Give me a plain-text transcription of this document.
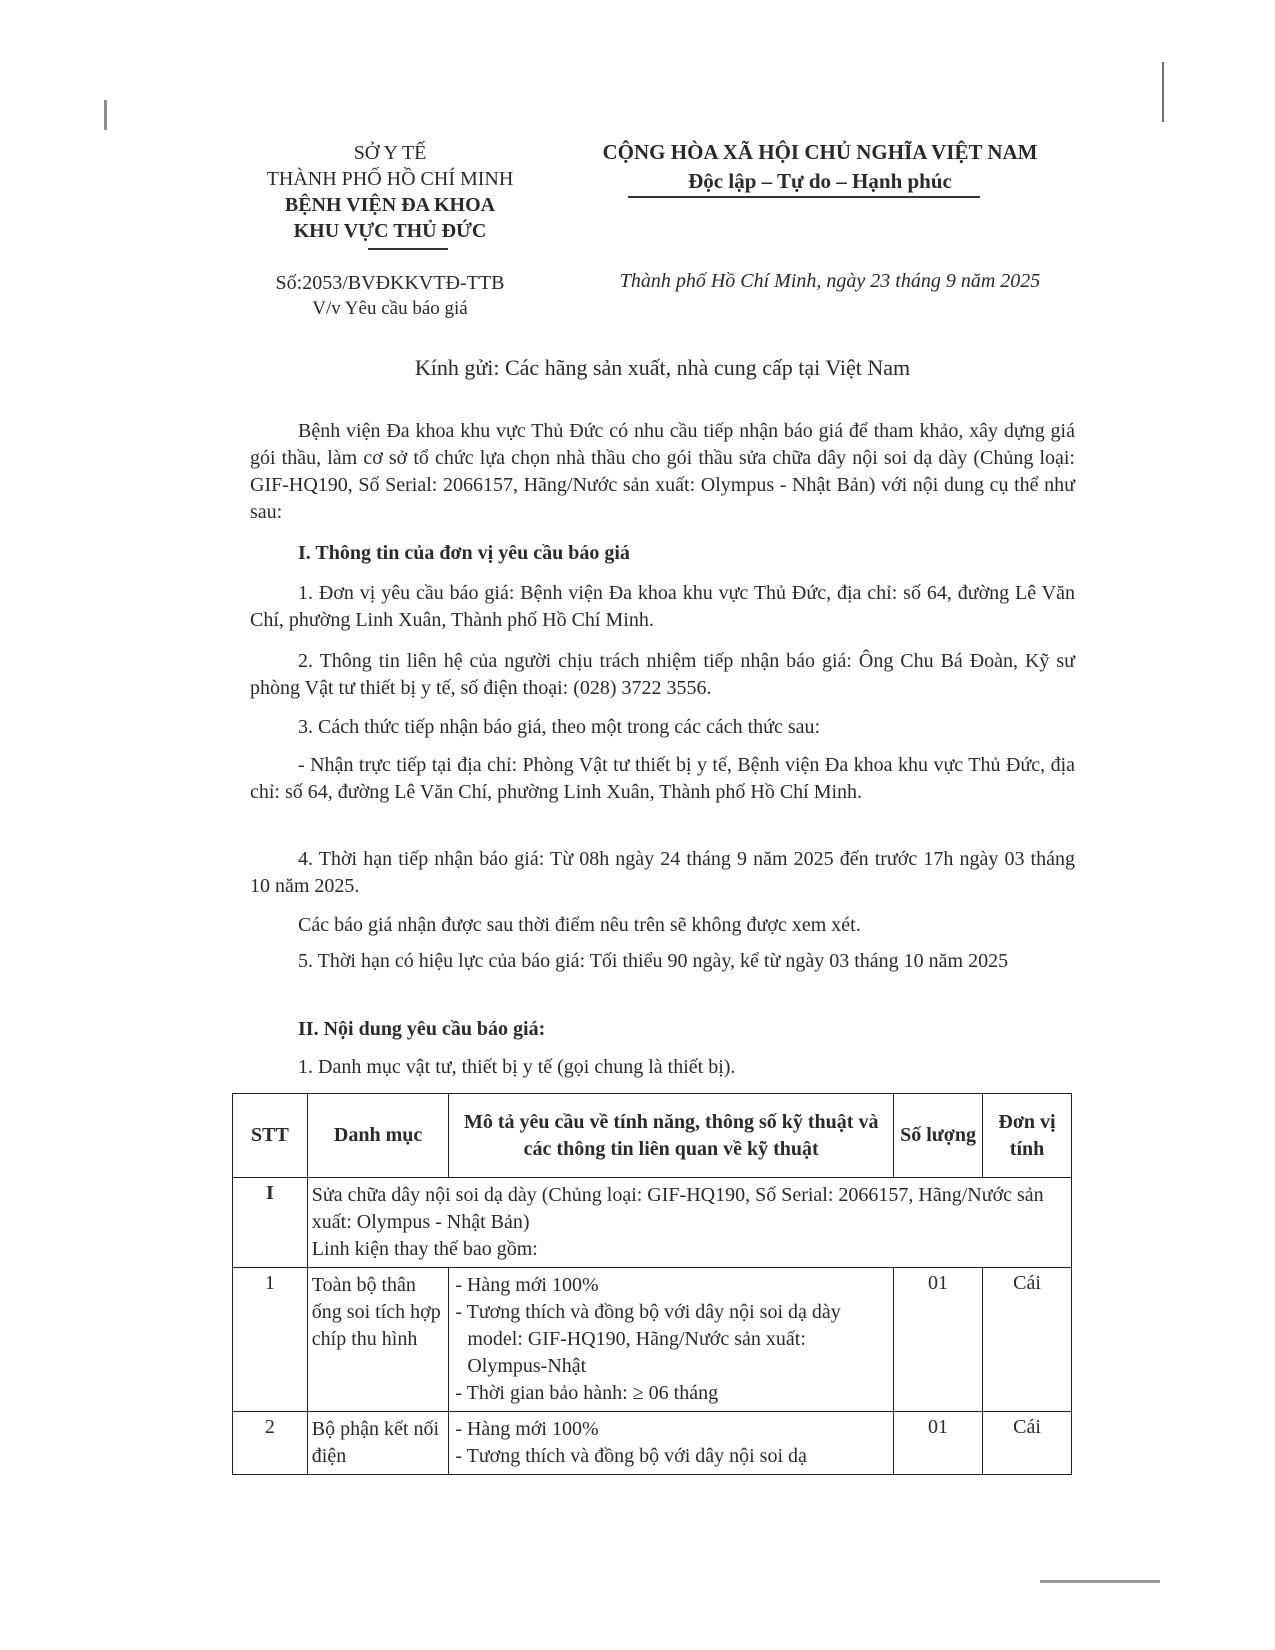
SỞ Y TẾ
THÀNH PHỐ HỒ CHÍ MINH
BỆNH VIỆN ĐA KHOA
KHU VỰC THỦ ĐỨC
Số:2053/BVĐKKVTĐ-TTB
V/v Yêu cầu báo giá
CỘNG HÒA XÃ HỘI CHỦ NGHĨA VIỆT NAM
Độc lập – Tự do – Hạnh phúc
Thành phố Hồ Chí Minh, ngày 23 tháng 9 năm 2025
Kính gửi: Các hãng sản xuất, nhà cung cấp tại Việt Nam
Bệnh viện Đa khoa khu vực Thủ Đức có nhu cầu tiếp nhận báo giá để tham khảo, xây dựng giá gói thầu, làm cơ sở tổ chức lựa chọn nhà thầu cho gói thầu sửa chữa dây nội soi dạ dày (Chủng loại: GIF-HQ190, Số Serial: 2066157, Hãng/Nước sản xuất: Olympus - Nhật Bản) với nội dung cụ thể như sau:
I. Thông tin của đơn vị yêu cầu báo giá
1. Đơn vị yêu cầu báo giá: Bệnh viện Đa khoa khu vực Thủ Đức, địa chỉ: số 64, đường Lê Văn Chí, phường Linh Xuân, Thành phố Hồ Chí Minh.
2. Thông tin liên hệ của người chịu trách nhiệm tiếp nhận báo giá: Ông Chu Bá Đoàn, Kỹ sư phòng Vật tư thiết bị y tế, số điện thoại: (028) 3722 3556.
3. Cách thức tiếp nhận báo giá, theo một trong các cách thức sau:
- Nhận trực tiếp tại địa chỉ: Phòng Vật tư thiết bị y tế, Bệnh viện Đa khoa khu vực Thủ Đức, địa chỉ: số 64, đường Lê Văn Chí, phường Linh Xuân, Thành phố Hồ Chí Minh.
4. Thời hạn tiếp nhận báo giá: Từ 08h ngày 24 tháng 9 năm 2025 đến trước 17h ngày 03 tháng 10 năm 2025.
Các báo giá nhận được sau thời điểm nêu trên sẽ không được xem xét.
5. Thời hạn có hiệu lực của báo giá: Tối thiểu 90 ngày, kể từ ngày 03 tháng 10 năm 2025
II. Nội dung yêu cầu báo giá:
1. Danh mục vật tư, thiết bị y tế (gọi chung là thiết bị).
STT	Danh mục	Mô tả yêu cầu về tính năng, thông số kỹ thuật và các thông tin liên quan về kỹ thuật	Số lượng	Đơn vị tính
I	Sửa chữa dây nội soi dạ dày (Chủng loại: GIF-HQ190, Số Serial: 2066157, Hãng/Nước sản xuất: Olympus - Nhật Bản)
Linh kiện thay thế bao gồm:			

1	Toàn bộ thân ống soi tích hợp chíp thu hình	- Hàng mới 100%
- Tương thích và đồng bộ với dây nội soi dạ dày model: GIF-HQ190, Hãng/Nước sản xuất: Olympus-Nhật
- Thời gian bảo hành: ≥ 06 tháng	01	Cái
2	Bộ phận kết nối điện	- Hàng mới 100%
- Tương thích và đồng bộ với dây nội soi dạ	01	Cái
